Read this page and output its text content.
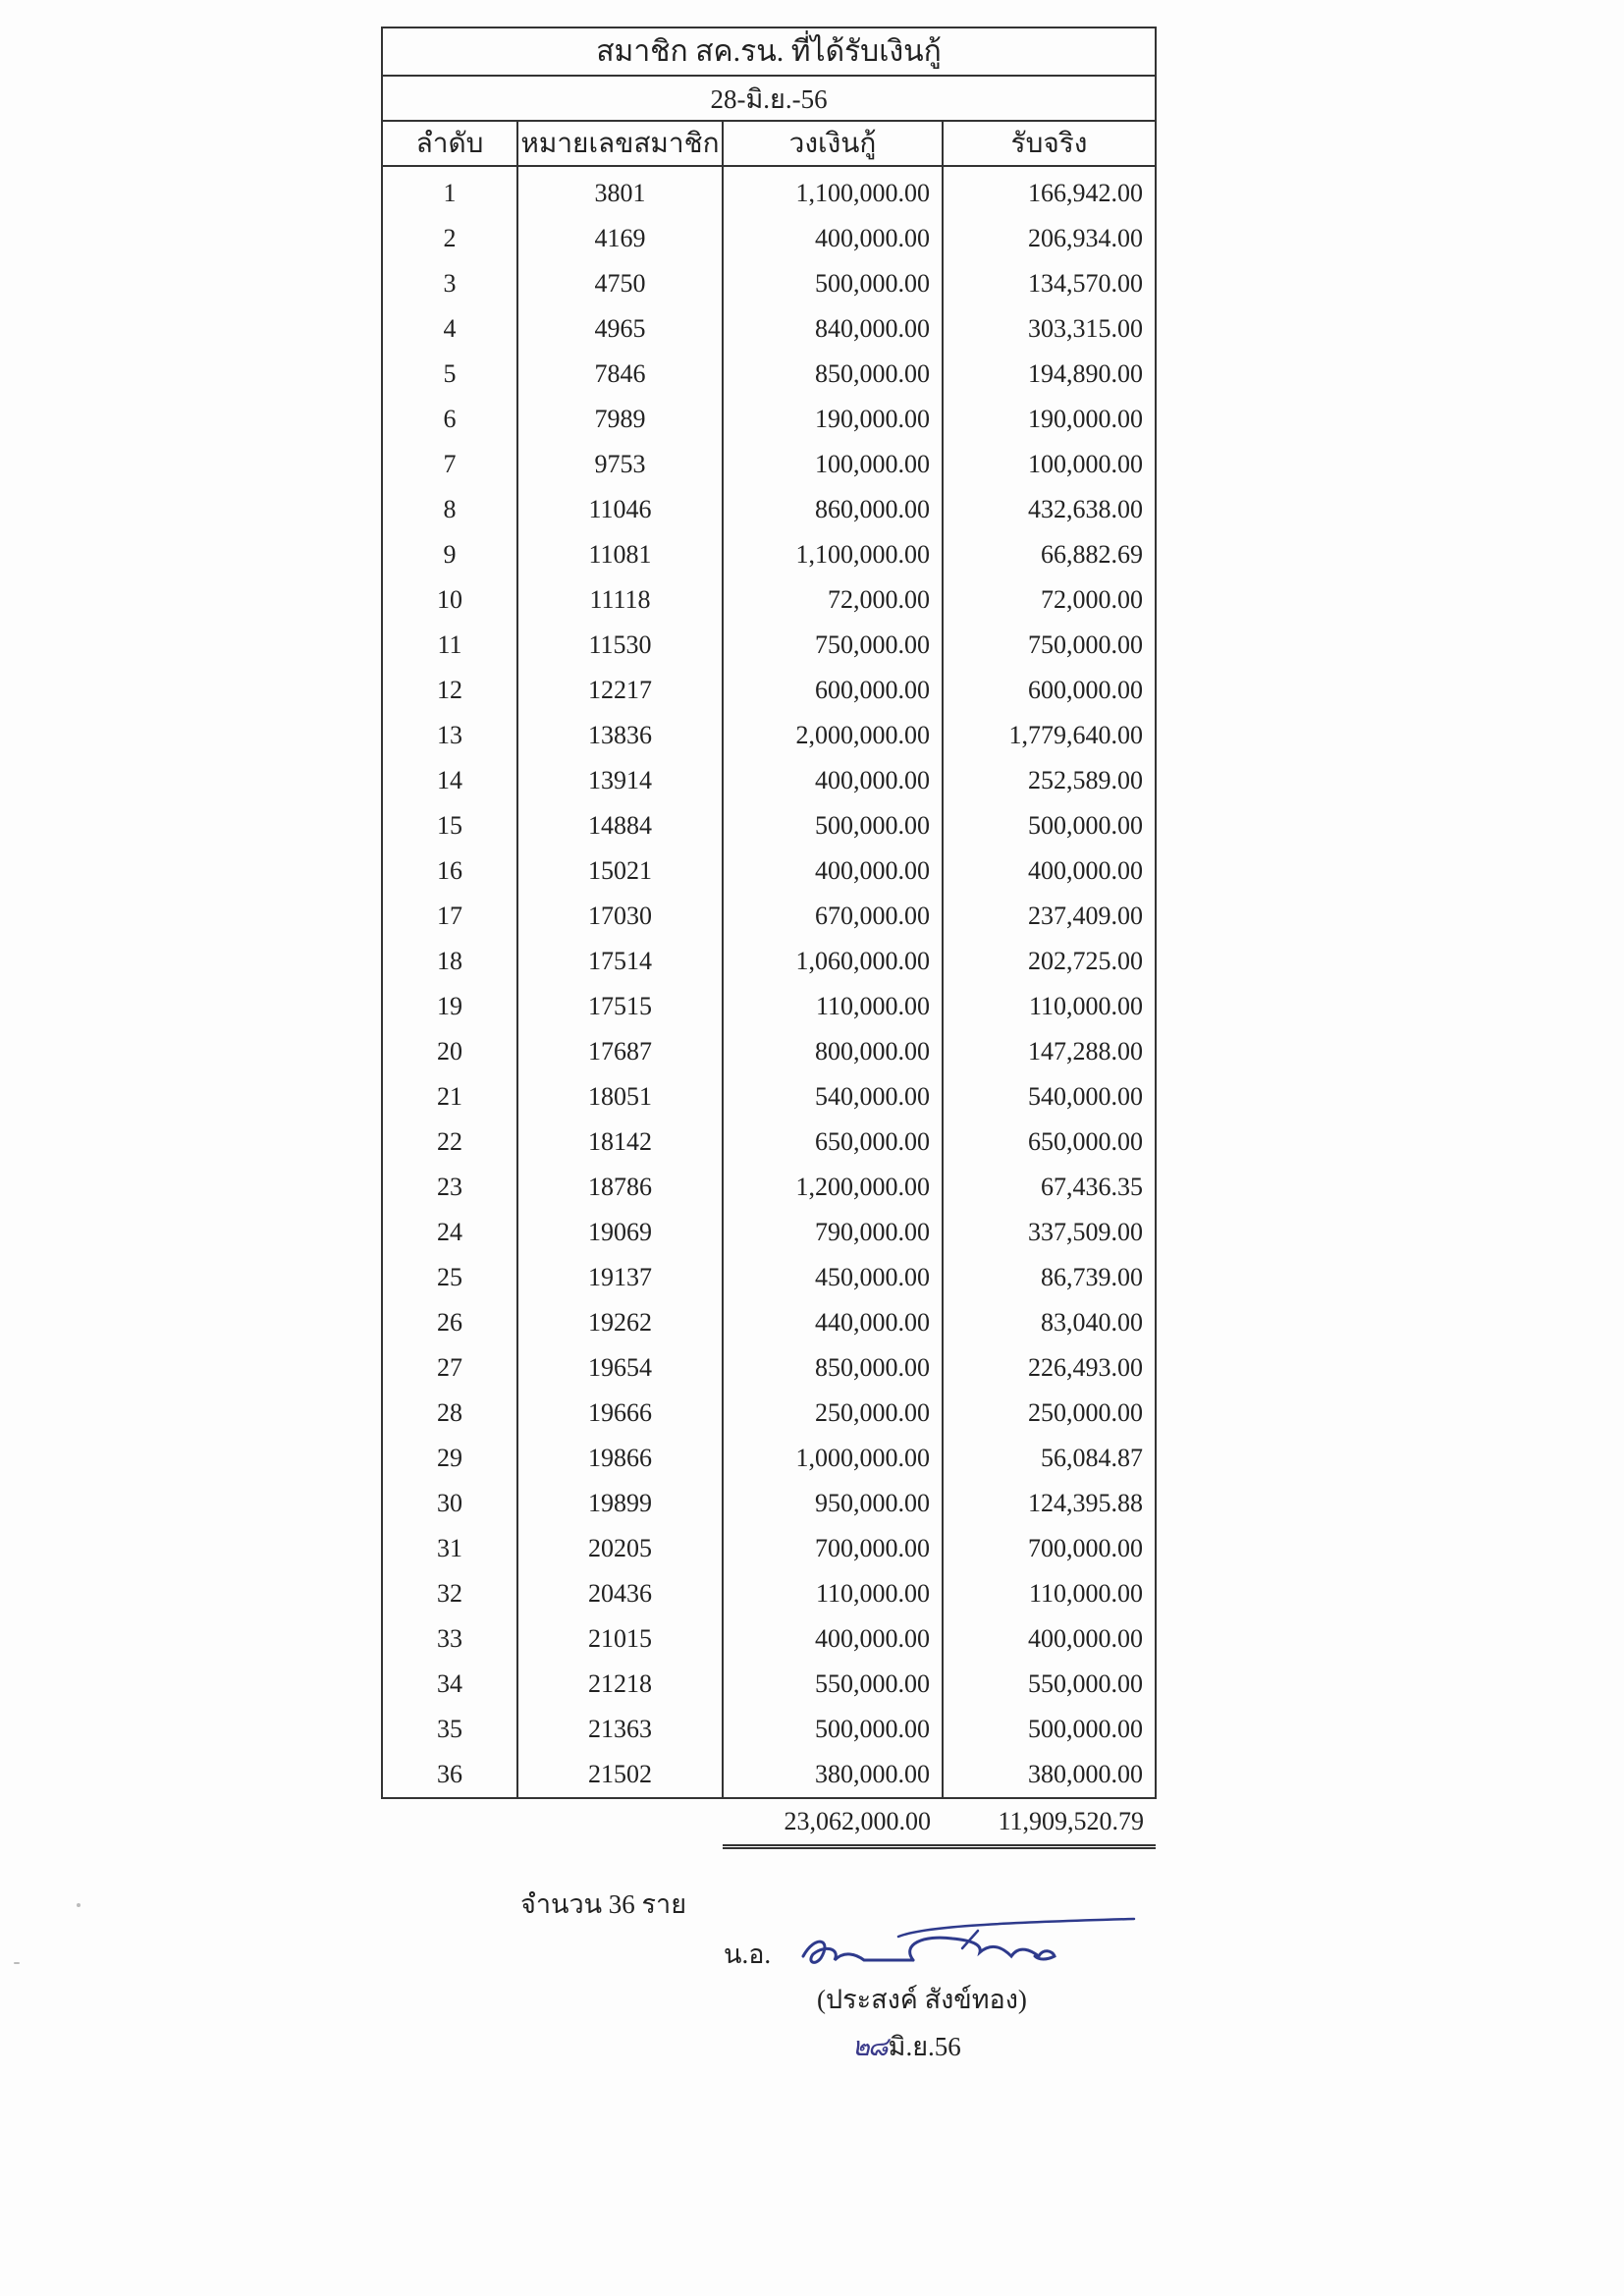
สมาชิก สค.รน. ที่ได้รับเงินกู้			
28-มิ.ย.-56			
ลำดับ	หมายเลขสมาชิก	วงเงินกู้	รับจริง
1	3801	1,100,000.00	166,942.00
2	4169	400,000.00	206,934.00
3	4750	500,000.00	134,570.00
4	4965	840,000.00	303,315.00
5	7846	850,000.00	194,890.00
6	7989	190,000.00	190,000.00
7	9753	100,000.00	100,000.00
8	11046	860,000.00	432,638.00
9	11081	1,100,000.00	66,882.69
10	11118	72,000.00	72,000.00
11	11530	750,000.00	750,000.00
12	12217	600,000.00	600,000.00
13	13836	2,000,000.00	1,779,640.00
14	13914	400,000.00	252,589.00
15	14884	500,000.00	500,000.00
16	15021	400,000.00	400,000.00
17	17030	670,000.00	237,409.00
18	17514	1,060,000.00	202,725.00
19	17515	110,000.00	110,000.00
20	17687	800,000.00	147,288.00
21	18051	540,000.00	540,000.00
22	18142	650,000.00	650,000.00
23	18786	1,200,000.00	67,436.35
24	19069	790,000.00	337,509.00
25	19137	450,000.00	86,739.00
26	19262	440,000.00	83,040.00
27	19654	850,000.00	226,493.00
28	19666	250,000.00	250,000.00
29	19866	1,000,000.00	56,084.87
30	19899	950,000.00	124,395.88
31	20205	700,000.00	700,000.00
32	20436	110,000.00	110,000.00
33	21015	400,000.00	400,000.00
34	21218	550,000.00	550,000.00
35	21363	500,000.00	500,000.00
36	21502	380,000.00	380,000.00
		23,062,000.00	11,909,520.79
จำนวน 36 ราย
น.อ.
(ประสงค์ สังข์ทอง)
๒๘ มิ.ย.56
